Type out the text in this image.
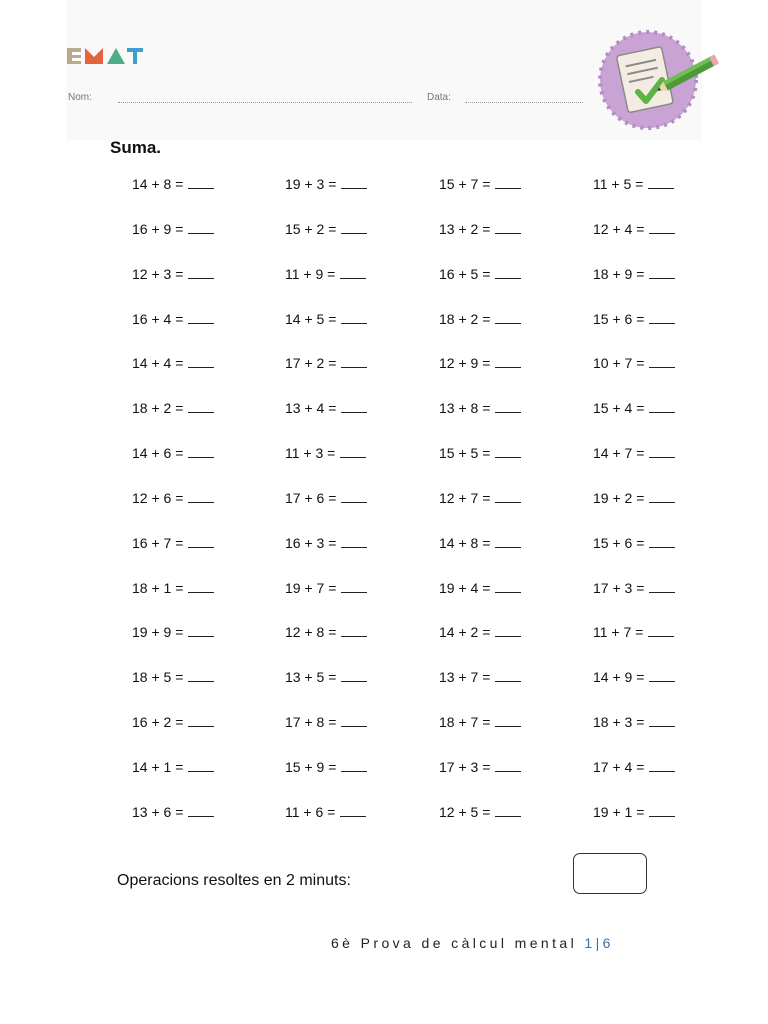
Nom:	Data:
Suma.
14 + 8 =	19 + 3 =	15 + 7 =	11 + 5 =
16 + 9 =	15 + 2 =	13 + 2 =	12 + 4 =
12 + 3 =	11 + 9 =	16 + 5 =	18 + 9 =
16 + 4 =	14 + 5 =	18 + 2 =	15 + 6 =
14 + 4 =	17 + 2 =	12 + 9 =	10 + 7 =
18 + 2 =	13 + 4 =	13 + 8 =	15 + 4 =
14 + 6 =	11 + 3 =	15 + 5 =	14 + 7 =
12 + 6 =	17 + 6 =	12 + 7 =	19 + 2 =
16 + 7 =	16 + 3 =	14 + 8 =	15 + 6 =
18 + 1 =	19 + 7 =	19 + 4 =	17 + 3 =
19 + 9 =	12 + 8 =	14 + 2 =	11 + 7 =
18 + 5 =	13 + 5 =	13 + 7 =	14 + 9 =
16 + 2 =	17 + 8 =	18 + 7 =	18 + 3 =
14 + 1 =	15 + 9 =	17 + 3 =	17 + 4 =
13 + 6 =	11 + 6 =	12 + 5 =	19 + 1 =
Operacions resoltes en 2 minuts:
6è Prova de càlcul mental 1|6
